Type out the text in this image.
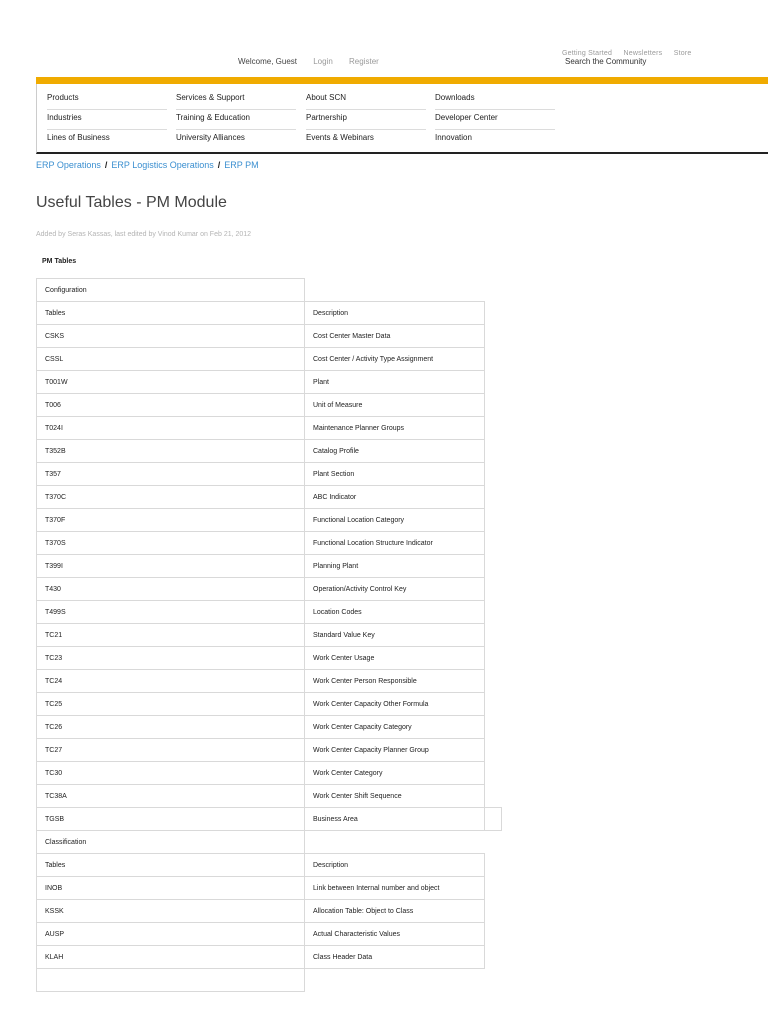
Getting Started Newsletters Store
Search the Community
Welcome, Guest Login Register
Products
Industries
Lines of Business
Services & Support
Training & Education
University Alliances
About SCN
Partnership
Events & Webinars
Downloads
Developer Center
Innovation
ERP Operations / ERP Logistics Operations / ERP PM
Useful Tables - PM Module
Added by Seras Kassas, last edited by Vinod Kumar on Feb 21, 2012
PM Tables
Configuration		
Tables	Description	
CSKS	Cost Center Master Data	
CSSL	Cost Center / Activity Type Assignment	
T001W	Plant	
T006	Unit of Measure	
T024I	Maintenance Planner Groups	
T352B	Catalog Profile	
T357	Plant Section	
T370C	ABC Indicator	
T370F	Functional Location Category	
T370S	Functional Location Structure Indicator	
T399I	Planning Plant	
T430	Operation/Activity Control Key	
T499S	Location Codes	
TC21	Standard Value Key	
TC23	Work Center Usage	
TC24	Work Center Person Responsible	
TC25	Work Center Capacity Other Formula	
TC26	Work Center Capacity Category	
TC27	Work Center Capacity Planner Group	
TC30	Work Center Category	
TC38A	Work Center Shift Sequence	
TGSB	Business Area	
Classification		
Tables	Description	
INOB	Link between Internal number and object	
KSSK	Allocation Table: Object to Class	
AUSP	Actual Characteristic Values	
KLAH	Class Header Data	
